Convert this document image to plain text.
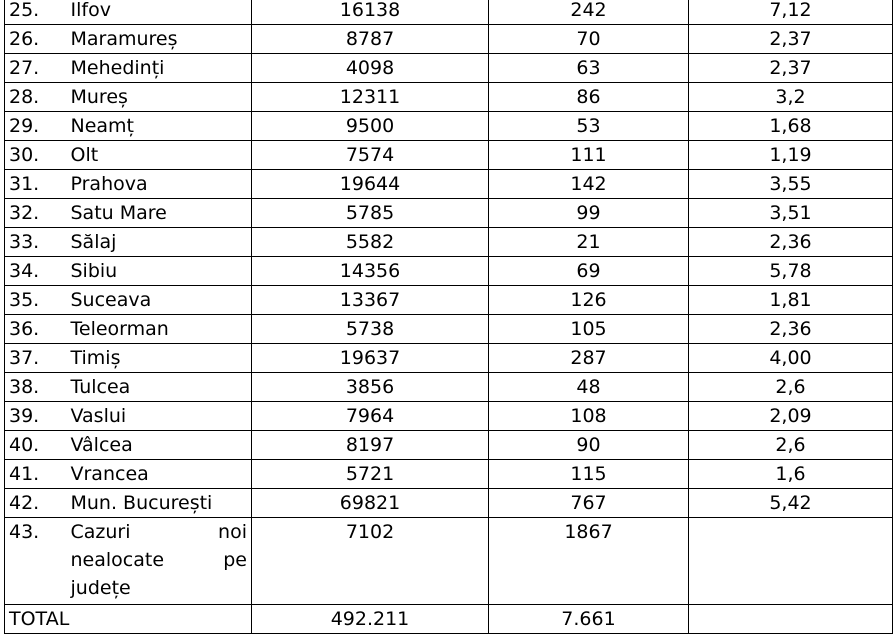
25.	Ilfov	16138	242	7,12
26.	Maramureș	8787	70	2,37
27.	Mehedinți	4098	63	2,37
28.	Mureș	12311	86	3,2
29.	Neamț	9500	53	1,68
30.	Olt	7574	111	1,19
31.	Prahova	19644	142	3,55
32.	Satu Mare	5785	99	3,51
33.	Sălaj	5582	21	2,36
34.	Sibiu	14356	69	5,78
35.	Suceava	13367	126	1,81
36.	Teleorman	5738	105	2,36
37.	Timiș	19637	287	4,00
38.	Tulcea	3856	48	2,6
39.	Vaslui	7964	108	2,09
40.	Vâlcea	8197	90	2,6
41.	Vrancea	5721	115	1,6
42.	Mun. București	69821	767	5,42
43.	Cazuri noi
nealocate pe
județe	7102	1867	
TOTAL		492.211	7.661	
